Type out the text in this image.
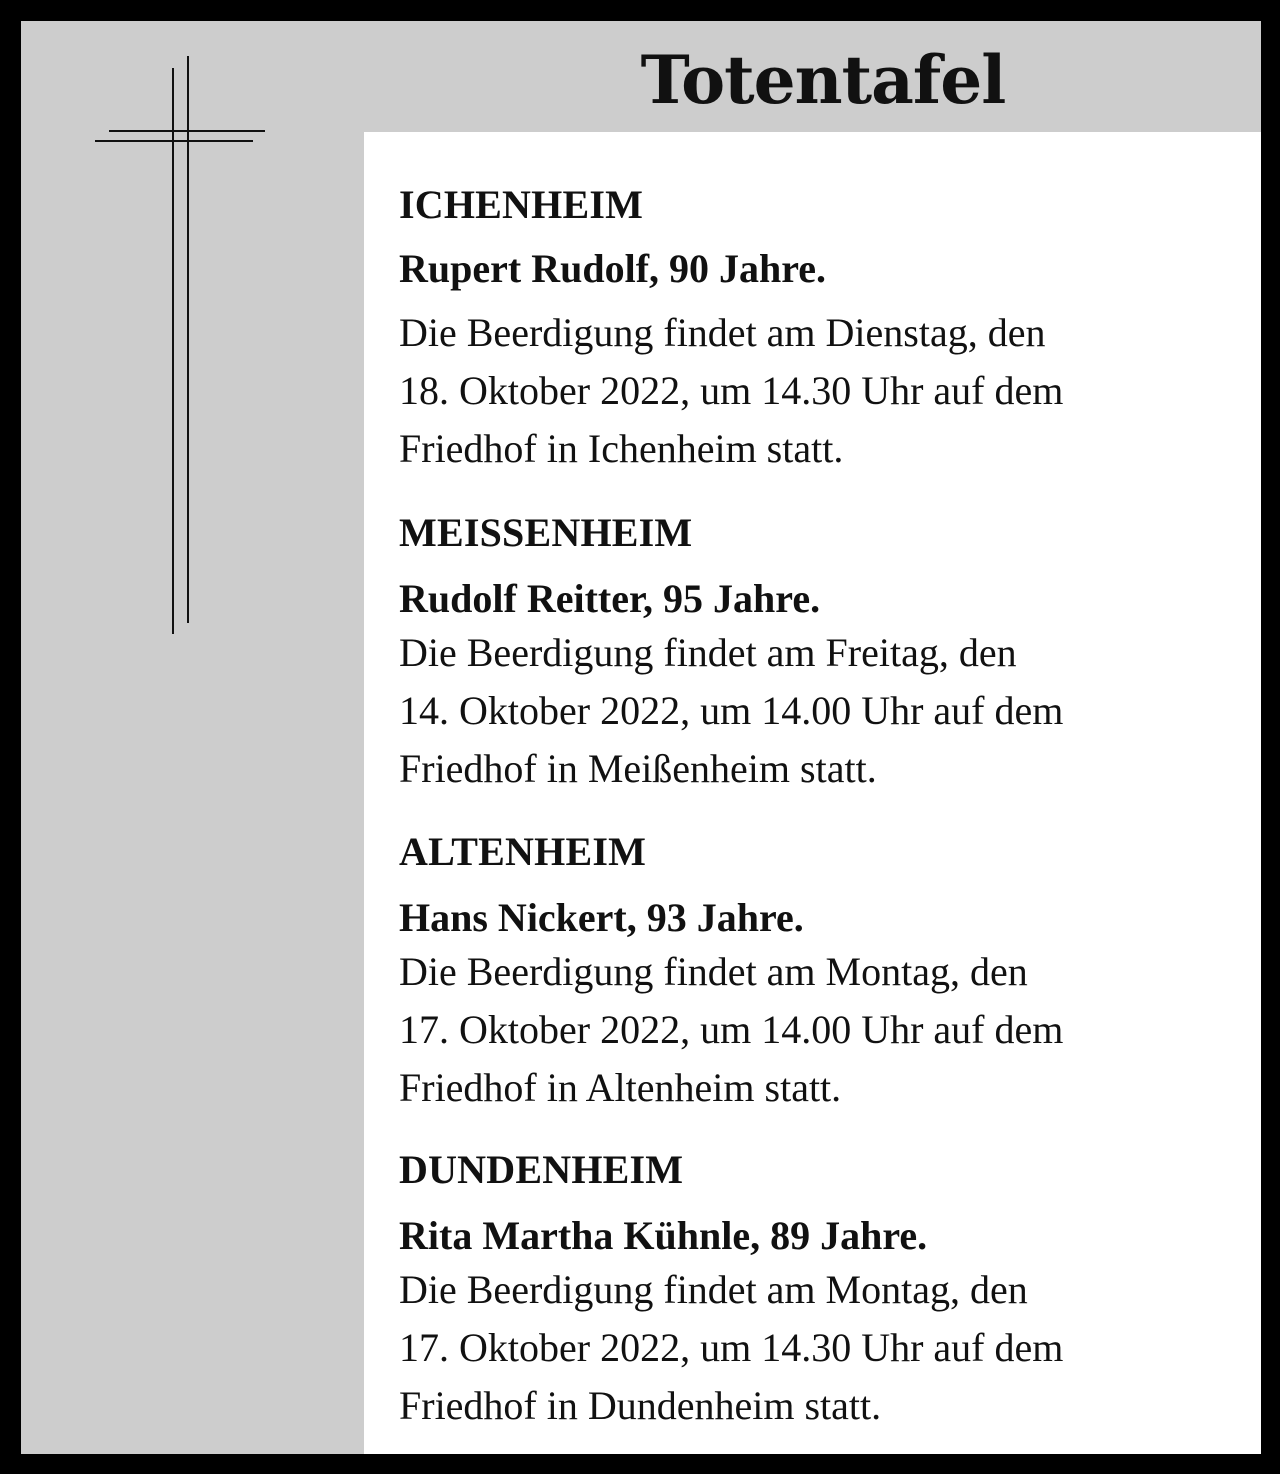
Totentafel
ICHENHEIM
Rupert Rudolf, 90 Jahre.
Die Beerdigung findet am Dienstag, den
18. Oktober 2022, um 14.30 Uhr auf dem
Friedhof in Ichenheim statt.
MEISSENHEIM
Rudolf Reitter, 95 Jahre.
Die Beerdigung findet am Freitag, den
14. Oktober 2022, um 14.00 Uhr auf dem
Friedhof in Meißenheim statt.
ALTENHEIM
Hans Nickert, 93 Jahre.
Die Beerdigung findet am Montag, den
17. Oktober 2022, um 14.00 Uhr auf dem
Friedhof in Altenheim statt.
DUNDENHEIM
Rita Martha Kühnle, 89 Jahre.
Die Beerdigung findet am Montag, den
17. Oktober 2022, um 14.30 Uhr auf dem
Friedhof in Dundenheim statt.
